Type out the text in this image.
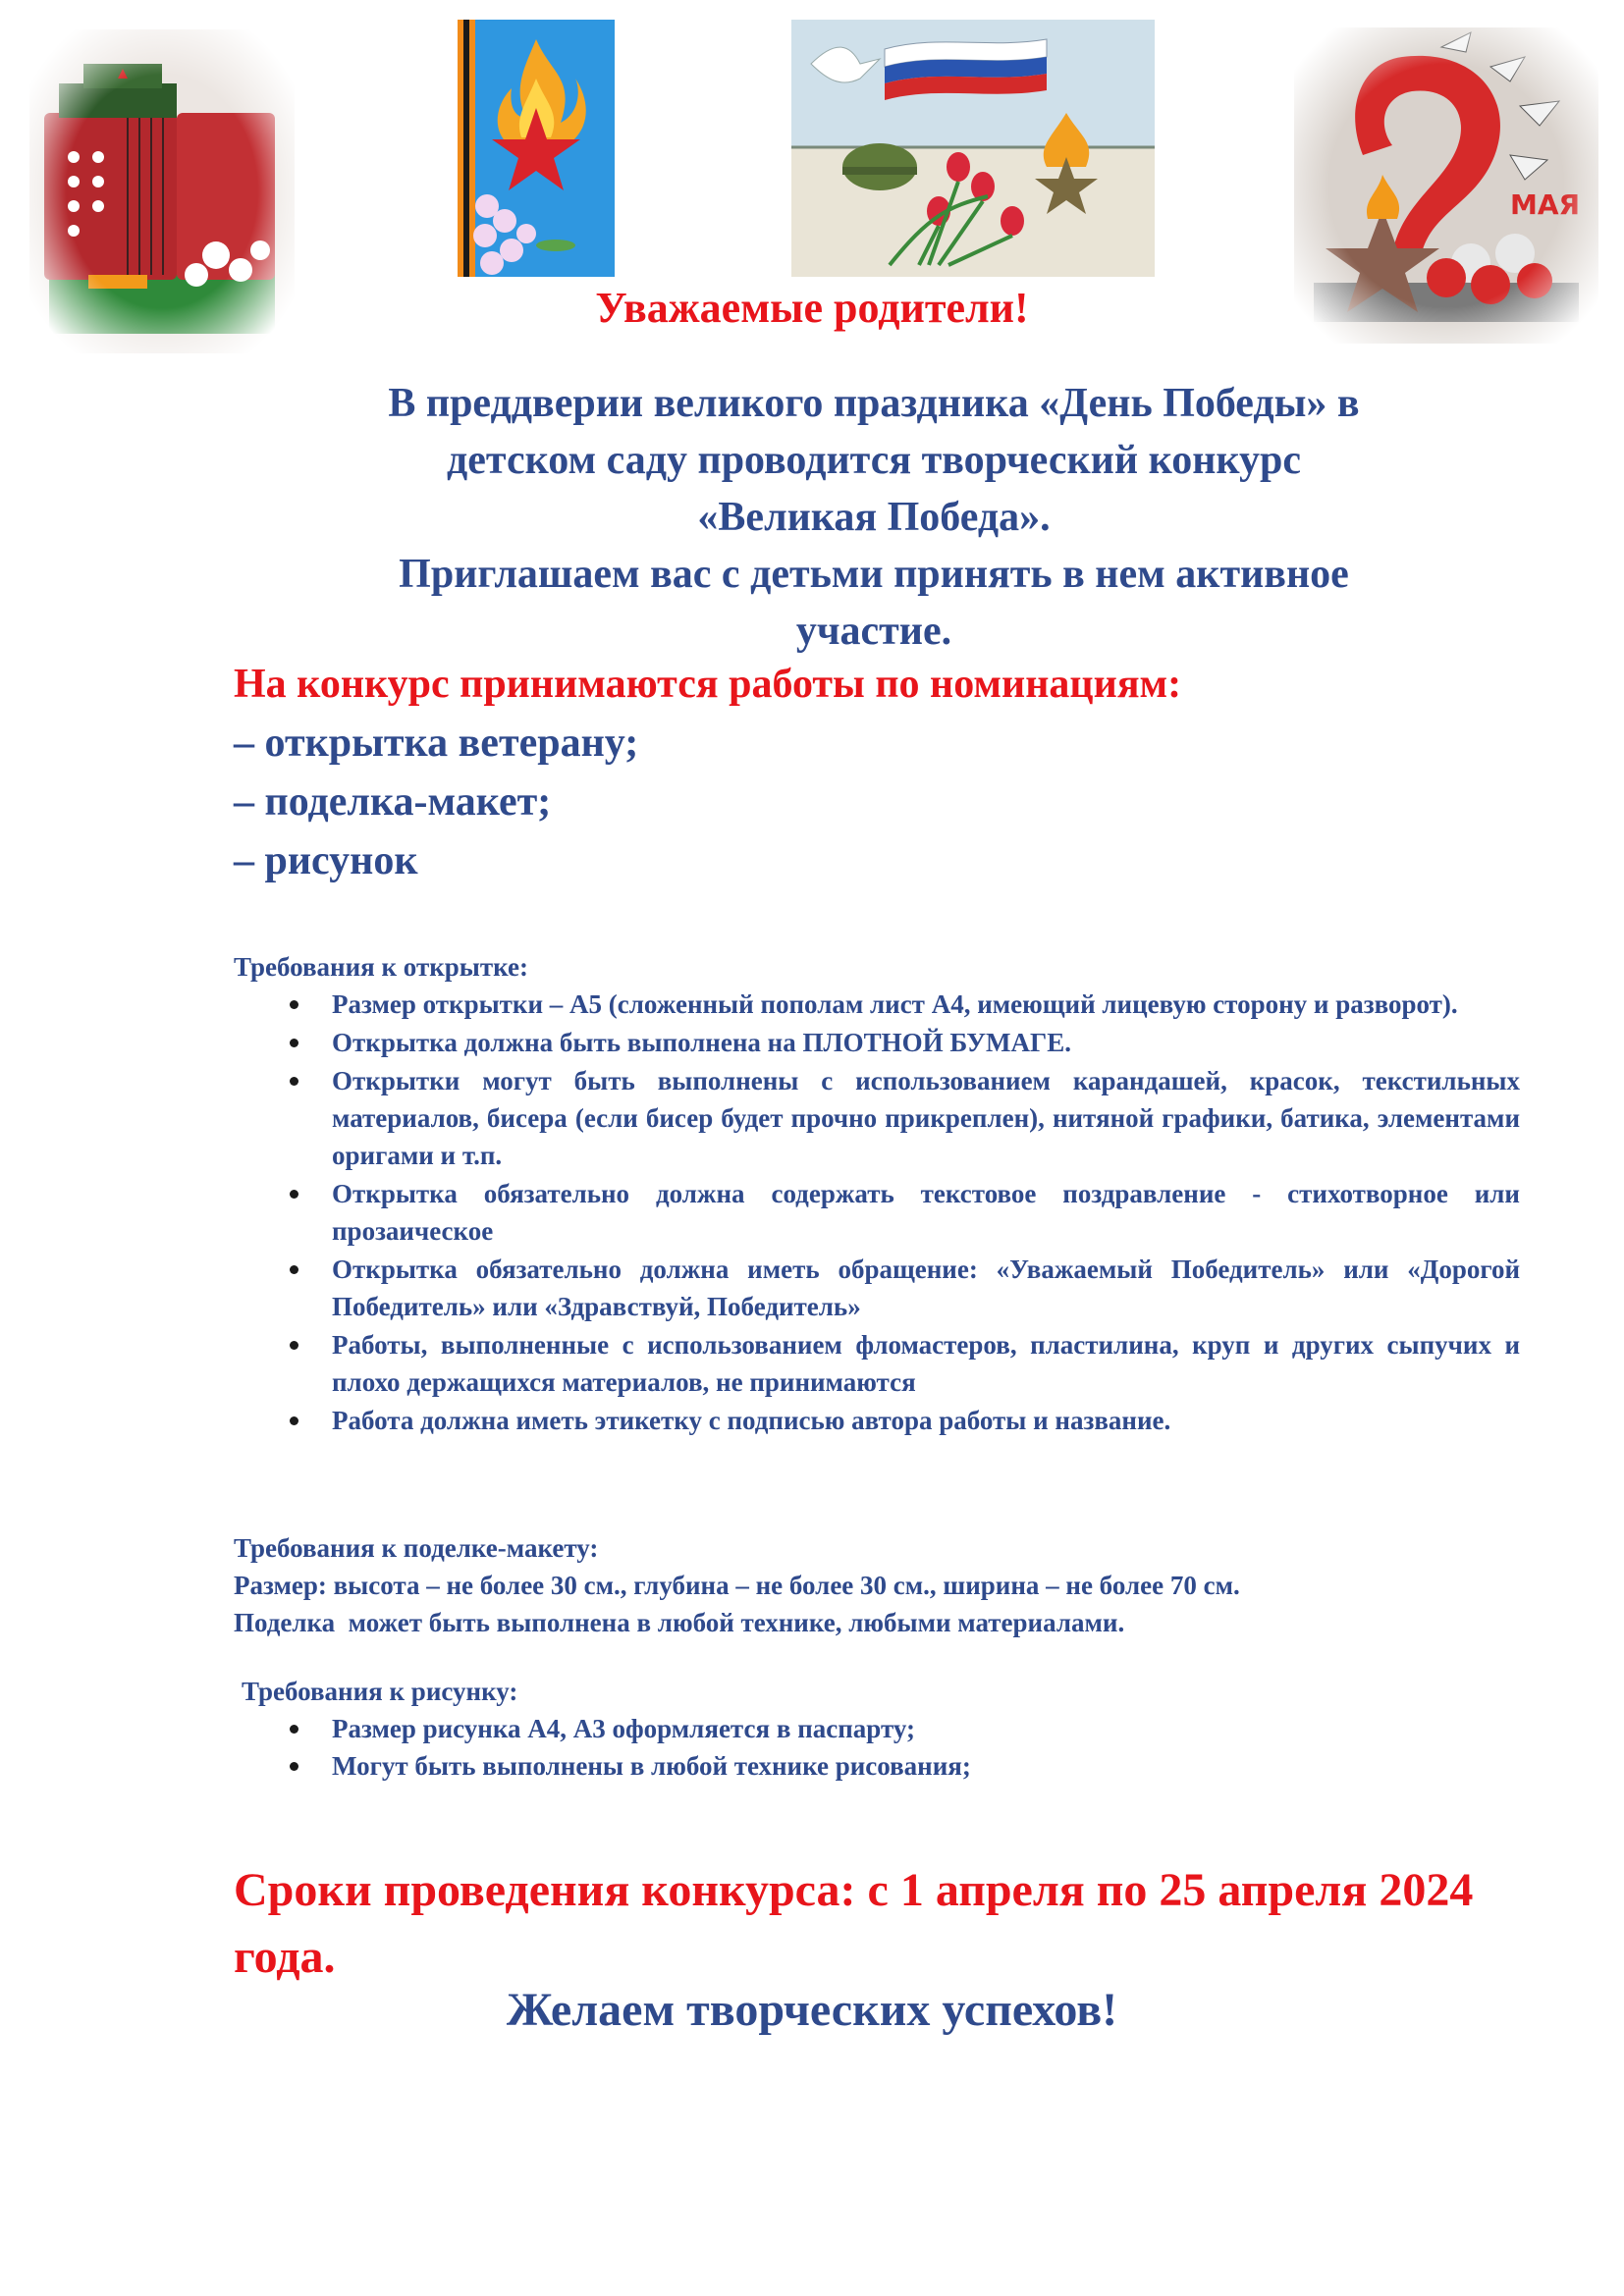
Уважаемые родители!
В преддверии великого праздника «День Победы» в
детском саду проводится творческий конкурс
«Великая Победа».
Приглашаем вас с детьми принять в нем активное
участие.
На конкурс принимаются работы по номинациям:
– открытка ветерану;
– поделка-макет;
– рисунок

Требования к открытке:

Размер открытки – А5 (сложенный пополам лист А4, имеющий лицевую сторону и разворот).
Открытка должна быть выполнена на ПЛОТНОЙ БУМАГЕ.
Открытки могут быть выполнены с использованием карандашей, красок, текстильных материалов, бисера (если бисер будет прочно прикреплен), нитяной графики, батика, элементами оригами и т.п.
Открытка обязательно должна содержать текстовое поздравление - стихотворное или прозаическое
Открытка обязательно должна иметь обращение: «Уважаемый Победитель» или «Дорогой Победитель» или «Здравствуй, Победитель»
Работы, выполненные с использованием фломастеров, пластилина, круп и других сыпучих и плохо держащихся материалов, не принимаются
Работа должна иметь этикетку с подписью автора работы и название.

Требования к поделке-макету:

Размер: высота – не более 30 см., глубина – не более 30 см., ширина – не более 70 см.

Поделка  может быть выполнена в любой технике, любыми материалами.

Требования к рисунку:

Размер рисунка А4, А3 оформляется в паспарту;
Могут быть выполнены в любой технике рисования;
Сроки проведения конкурса: с 1 апреля по 25 апреля 2024 года.
Желаем творческих успехов!
